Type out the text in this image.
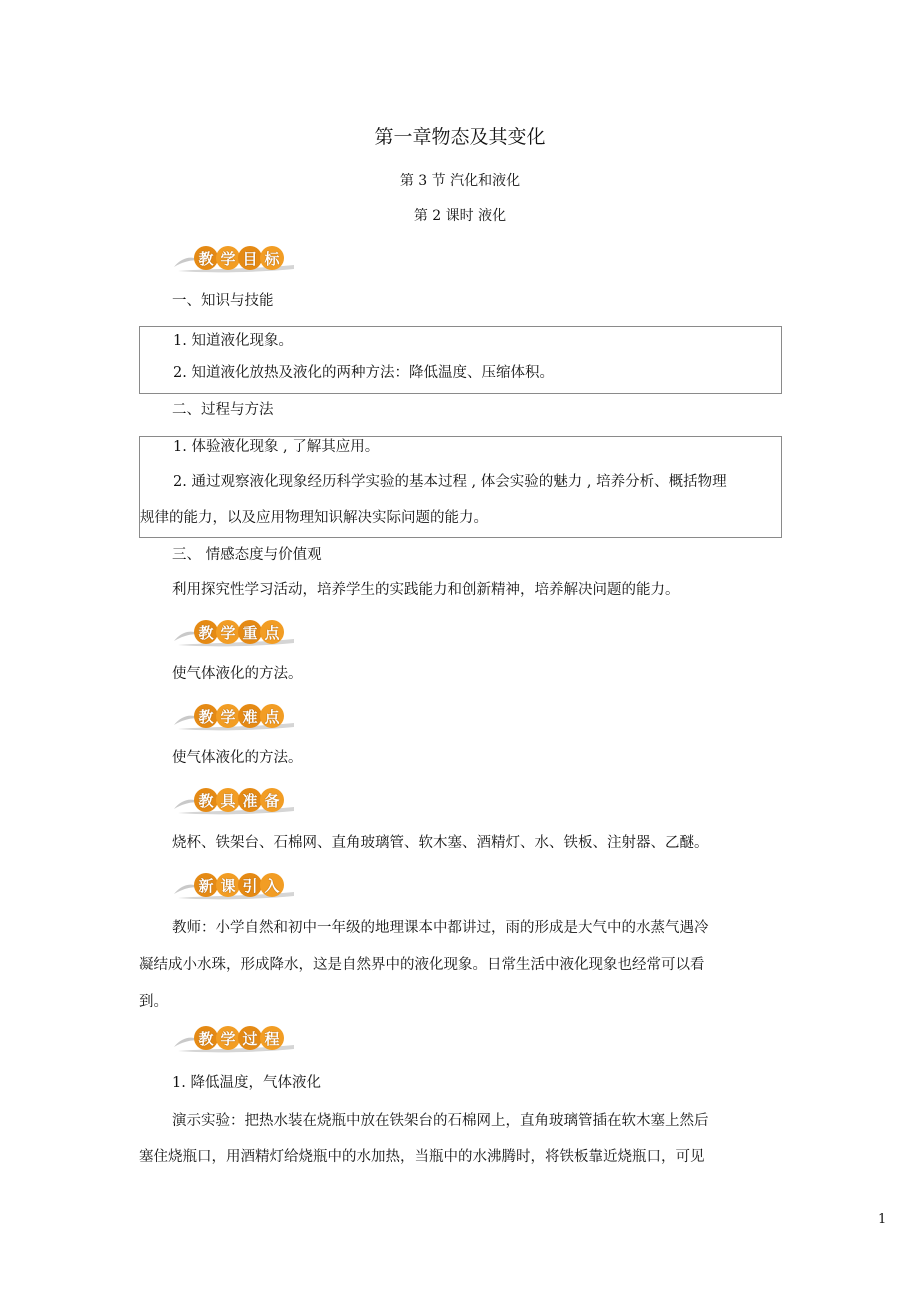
第一章物态及其变化
第 3 节 汽化和液化
第 2 课时 液化
教 学 目 标
一、知识与技能
1. 知道液化现象。
2. 知道液化放热及液化的两种方法：降低温度、压缩体积。
二、过程与方法
1. 体验液化现象 , 了解其应用。
2. 通过观察液化现象经历科学实验的基本过程 , 体会实验的魅力 , 培养分析、概括物理
规律的能力，以及应用物理知识解决实际问题的能力。
三、 情感态度与价值观
利用探究性学习活动，培养学生的实践能力和创新精神，培养解决问题的能力。
教 学 重 点
使气体液化的方法。
教 学 难 点
使气体液化的方法。
教 具 准 备
烧杯、铁架台、石棉网、直角玻璃管、软木塞、酒精灯、水、铁板、注射器、乙醚。
新 课 引 入
教师：小学自然和初中一年级的地理课本中都讲过，雨的形成是大气中的水蒸气遇冷
凝结成小水珠，形成降水，这是自然界中的液化现象。日常生活中液化现象也经常可以看
到。
教 学 过 程
1. 降低温度，气体液化
演示实验：把热水装在烧瓶中放在铁架台的石棉网上，直角玻璃管插在软木塞上然后
塞住烧瓶口，用酒精灯给烧瓶中的水加热，当瓶中的水沸腾时，将铁板靠近烧瓶口，可见
1
